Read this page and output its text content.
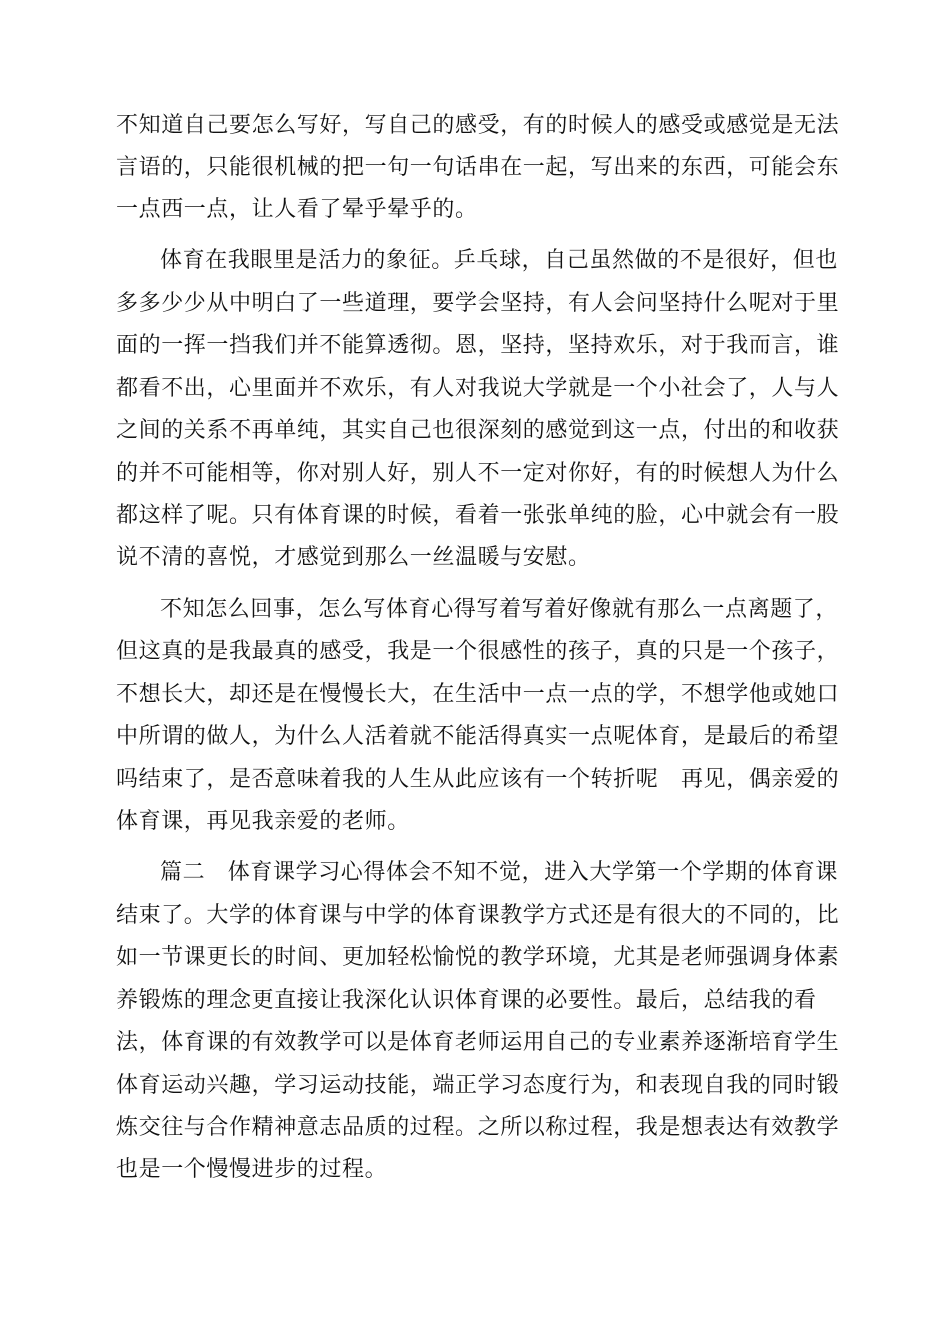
不知道自己要怎么写好，写自己的感受，有的时候人的感受或感觉是无法
言语的，只能很机械的把一句一句话串在一起，写出来的东西，可能会东
一点西一点，让人看了晕乎晕乎的。
体育在我眼里是活力的象征。乒乓球，自己虽然做的不是很好，但也
多多少少从中明白了一些道理，要学会坚持，有人会问坚持什么呢对于里
面的一挥一挡我们并不能算透彻。恩，坚持，坚持欢乐，对于我而言，谁
都看不出，心里面并不欢乐，有人对我说大学就是一个小社会了，人与人
之间的关系不再单纯，其实自己也很深刻的感觉到这一点，付出的和收获
的并不可能相等，你对别人好，别人不一定对你好，有的时候想人为什么
都这样了呢。只有体育课的时候，看着一张张单纯的脸，心中就会有一股
说不清的喜悦，才感觉到那么一丝温暖与安慰。
不知怎么回事，怎么写体育心得写着写着好像就有那么一点离题了，
但这真的是我最真的感受，我是一个很感性的孩子，真的只是一个孩子，
不想长大，却还是在慢慢长大，在生活中一点一点的学，不想学他或她口
中所谓的做人，为什么人活着就不能活得真实一点呢体育，是最后的希望
吗结束了，是否意味着我的人生从此应该有一个转折呢　再见，偶亲爱的
体育课，再见我亲爱的老师。
篇二　体育课学习心得体会不知不觉，进入大学第一个学期的体育课
结束了。大学的体育课与中学的体育课教学方式还是有很大的不同的，比
如一节课更长的时间、更加轻松愉悦的教学环境，尤其是老师强调身体素
养锻炼的理念更直接让我深化认识体育课的必要性。最后，总结我的看
法，体育课的有效教学可以是体育老师运用自己的专业素养逐渐培育学生
体育运动兴趣，学习运动技能，端正学习态度行为，和表现自我的同时锻
炼交往与合作精神意志品质的过程。之所以称过程，我是想表达有效教学
也是一个慢慢进步的过程。
